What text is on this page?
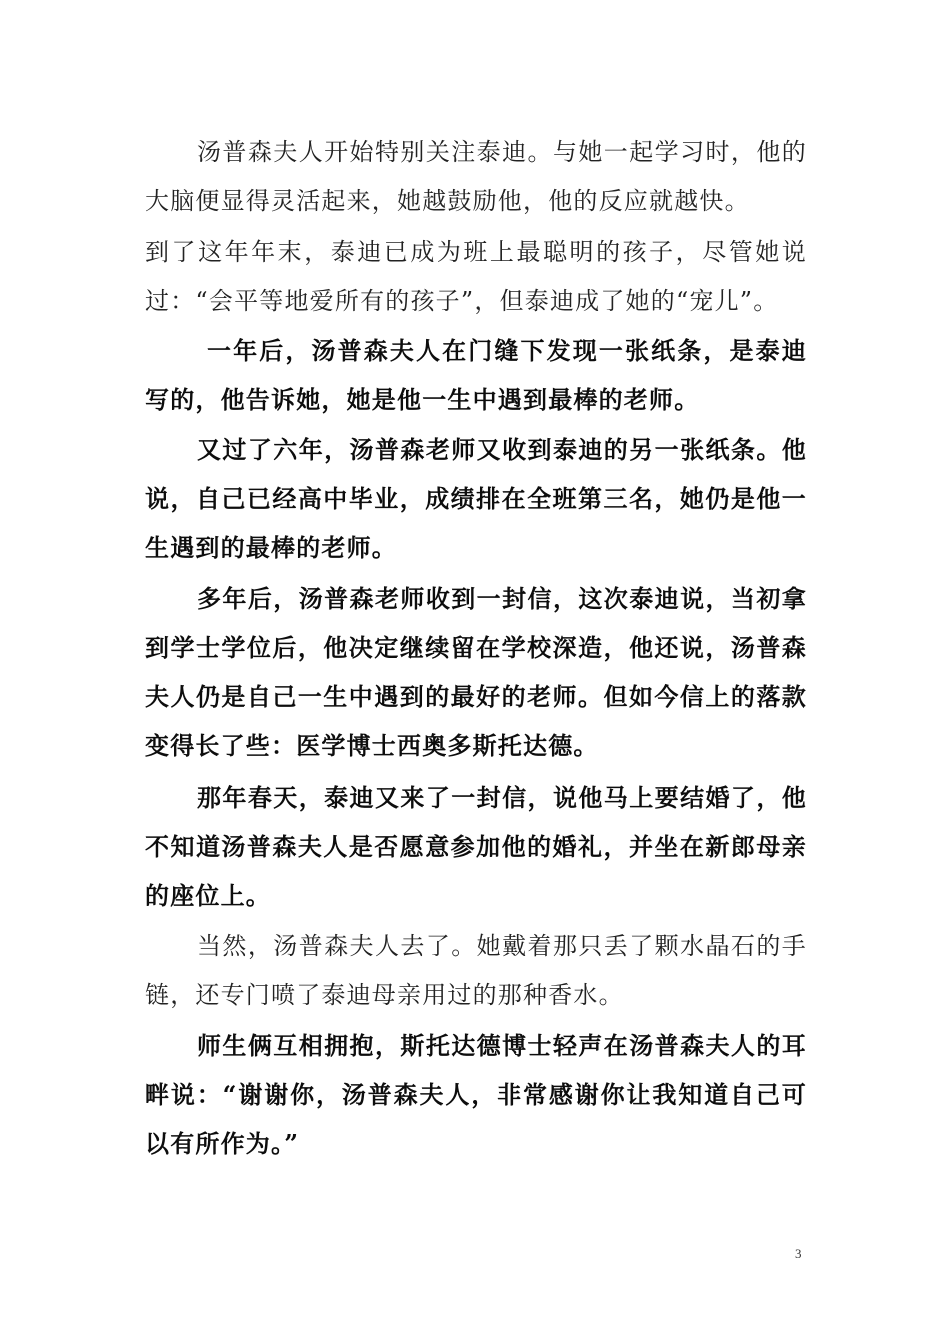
汤普森夫人开始特别关注泰迪。与她一起学习时，他的大脑便显得灵活起来，她越鼓励他，他的反应就越快。

到了这年年末，泰迪已成为班上最聪明的孩子，尽管她说过：“会平等地爱所有的孩子”，但泰迪成了她的“宠儿”。

一年后，汤普森夫人在门缝下发现一张纸条，是泰迪写的，他告诉她，她是他一生中遇到最棒的老师。

又过了六年，汤普森老师又收到泰迪的另一张纸条。他说，自己已经高中毕业，成绩排在全班第三名，她仍是他一生遇到的最棒的老师。

多年后，汤普森老师收到一封信，这次泰迪说，当初拿到学士学位后，他决定继续留在学校深造，他还说，汤普森夫人仍是自己一生中遇到的最好的老师。但如今信上的落款变得长了些：医学博士西奥多斯托达德。

那年春天，泰迪又来了一封信，说他马上要结婚了，他不知道汤普森夫人是否愿意参加他的婚礼，并坐在新郎母亲的座位上。

当然，汤普森夫人去了。她戴着那只丢了颗水晶石的手链，还专门喷了泰迪母亲用过的那种香水。

师生俩互相拥抱，斯托达德博士轻声在汤普森夫人的耳畔说：“谢谢你，汤普森夫人，非常感谢你让我知道自己可以有所作为。”

3
